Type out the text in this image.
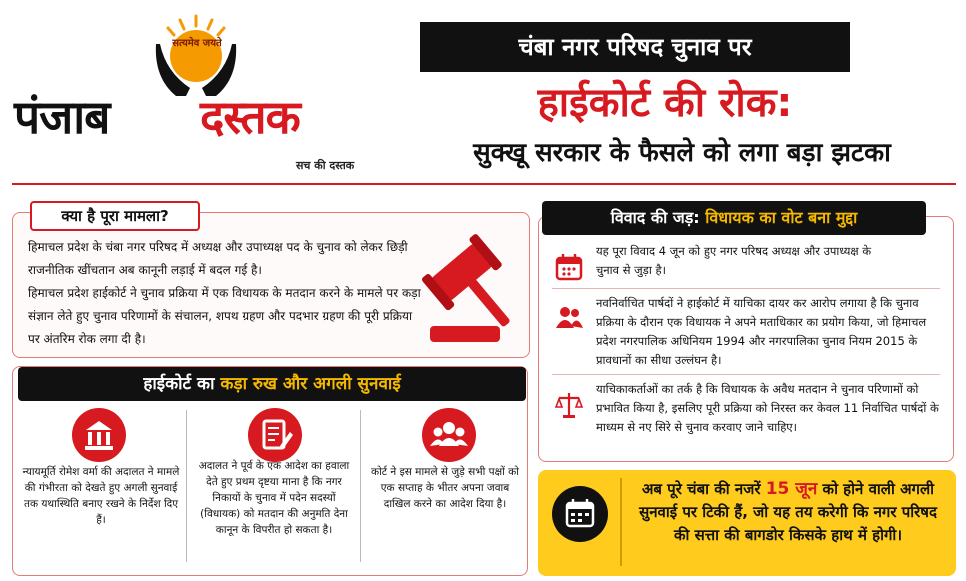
सत्यमेव जयते
पंजाब दस्तक
सच की दस्तक
चंबा नगर परिषद चुनाव पर
हाईकोर्ट की रोक:
सुक्खू सरकार के फैसले को लगा बड़ा झटका
क्या है पूरा मामला?
हिमाचल प्रदेश के चंबा नगर परिषद में अध्यक्ष और उपाध्यक्ष पद के चुनाव को लेकर छिड़ी राजनीतिक खींचतान अब कानूनी लड़ाई में बदल गई है।
हिमाचल प्रदेश हाईकोर्ट ने चुनाव प्रक्रिया में एक विधायक के मतदान करने के मामले पर कड़ा संज्ञान लेते हुए चुनाव परिणामों के संचालन, शपथ ग्रहण और पदभार ग्रहण की पूरी प्रक्रिया पर अंतरिम रोक लगा दी है।
हाईकोर्ट का कड़ा रुख और अगली सुनवाई
न्यायमूर्ति रोमेश वर्मा की अदालत ने मामले की गंभीरता को देखते हुए अगली सुनवाई तक यथास्थिति बनाए रखने के निर्देश दिए हैं।
अदालत ने पूर्व के एक आदेश का हवाला देते हुए प्रथम दृष्टया माना है कि नगर निकायों के चुनाव में पदेन सदस्यों (विधायक) को मतदान की अनुमति देना कानून के विपरीत हो सकता है।
कोर्ट ने इस मामले से जुड़े सभी पक्षों को एक सप्ताह के भीतर अपना जवाब दाखिल करने का आदेश दिया है।
विवाद की जड़: विधायक का वोट बना मुद्दा
यह पूरा विवाद 4 जून को हुए नगर परिषद अध्यक्ष और उपाध्यक्ष के चुनाव से जुड़ा है।
नवनिर्वाचित पार्षदों ने हाईकोर्ट में याचिका दायर कर आरोप लगाया है कि चुनाव प्रक्रिया के दौरान एक विधायक ने अपने मताधिकार का प्रयोग किया, जो हिमाचल प्रदेश नगरपालिक अधिनियम 1994 और नगरपालिका चुनाव नियम 2015 के प्रावधानों का सीधा उल्लंघन है।
याचिकाकर्ताओं का तर्क है कि विधायक के अवैध मतदान ने चुनाव परिणामों को प्रभावित किया है, इसलिए पूरी प्रक्रिया को निरस्त कर केवल 11 निर्वाचित पार्षदों के माध्यम से नए सिरे से चुनाव करवाए जाने चाहिए।
अब पूरे चंबा की नजरें 15 जून को होने वाली अगली सुनवाई पर टिकी हैं, जो यह तय करेगी कि नगर परिषद की सत्ता की बागडोर किसके हाथ में होगी।
